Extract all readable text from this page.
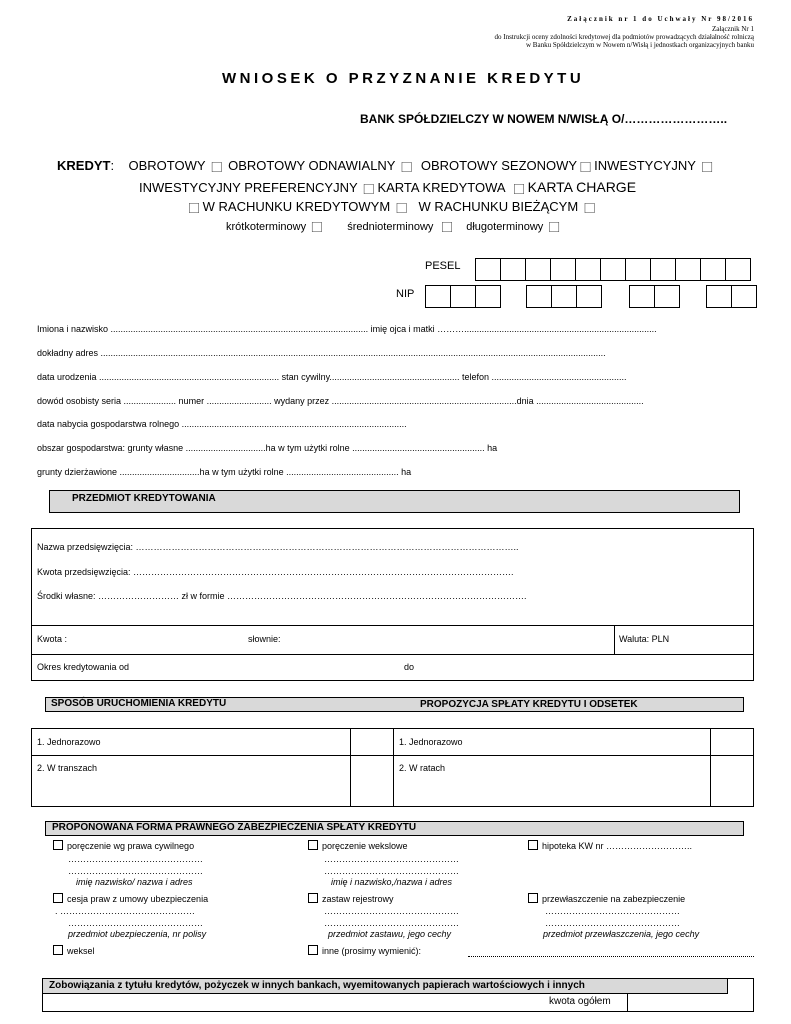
Załącznik nr 1 do Uchwały Nr 98/2016
Załącznik Nr 1
do Instrukcji oceny zdolności kredytowej dla podmiotów prowadzących działalność rolniczą
w Banku Spółdzielczym w Nowem n/Wisłą i jednostkach organizacyjnych banku
WNIOSEK O PRZYZNANIE KREDYTU
BANK SPÓŁDZIELCZY W NOWEM N/WISŁĄ O/……………………..
KREDYT:    OBROTOWY  ⬜︎  OBROTOWY ODNAWIALNY  ⬜︎   OBROTOWY SEZONOWY ⬜︎ INWESTYCYJNY  ⬜︎
INWESTYCYJNY PREFERENCYJNY  ⬜︎ KARTA KREDYTOWA   ⬜︎ KARTA CHARGE
⬜︎ W RACHUNKU KREDYTOWYM  ⬜︎    W RACHUNKU BIEŻĄCYM  ⬜︎
krótkoterminowy  ⬜︎         średnioterminowy   ⬜︎     długoterminowy  ⬜︎
PESEL
NIP
Imiona i nazwisko ....................................................................................................... imię ojca i matki ……….............................................................................
dokładny adres ..........................................................................................................................................................................................................
data urodzenia ........................................................................ stan cywilny.................................................... telefon ......................................................
dowód osobisty seria ..................... numer .......................... wydany przez ..........................................................................dnia ...........................................
data nabycia gospodarstwa rolnego ..........................................................................................
obszar gospodarstwa: grunty własne ................................ha w tym użytki rolne ..................................................... ha
grunty dzierżawione ................................ha w tym użytki rolne ............................................. ha
PRZEDMIOT KREDYTOWANIA
Nazwa przedsięwzięcia: ………………………………………………………………………………………………………………..
Kwota przedsięwzięcia: ……………………………………………………………………………………………………………….
Środki własne: ……………………… zł w formie ……………………………………………………………………………………….
Kwota :	słownie:	Waluta: PLN
Okres kredytowania od	do
SPOSÓB URUCHOMIENIA KREDYTU	PROPOZYCJA SPŁATY KREDYTU I ODSETEK
1. Jednorazowo
2. W transzach
1. Jednorazowo
2. W ratach
PROPONOWANA FORMA PRAWNEGO ZABEZPIECZENIA SPŁATY KREDYTU
poręczenie wg prawa cywilnego
………………………………………
………………………………………
imię nazwisko/ nazwa i adres
poręczenie wekslowe
………………………………………
………………………………………
imię i nazwisko,/nazwa i adres
hipoteka KW nr ………………………..
cesja praw z umowy ubezpieczenia
. ………………………………………
………………………………………
przedmiot ubezpieczenia, nr polisy
zastaw rejestrowy
………………………………………
………………………………………
przedmiot zastawu, jego cechy
przewłaszczenie na zabezpieczenie
………………………………………
………………………………………
przedmiot przewłaszczenia, jego cechy
weksel	inne (prosimy wymienić):
Zobowiązania z tytułu kredytów, pożyczek w innych bankach, wyemitowanych papierach wartościowych i innych
kwota ogółem
